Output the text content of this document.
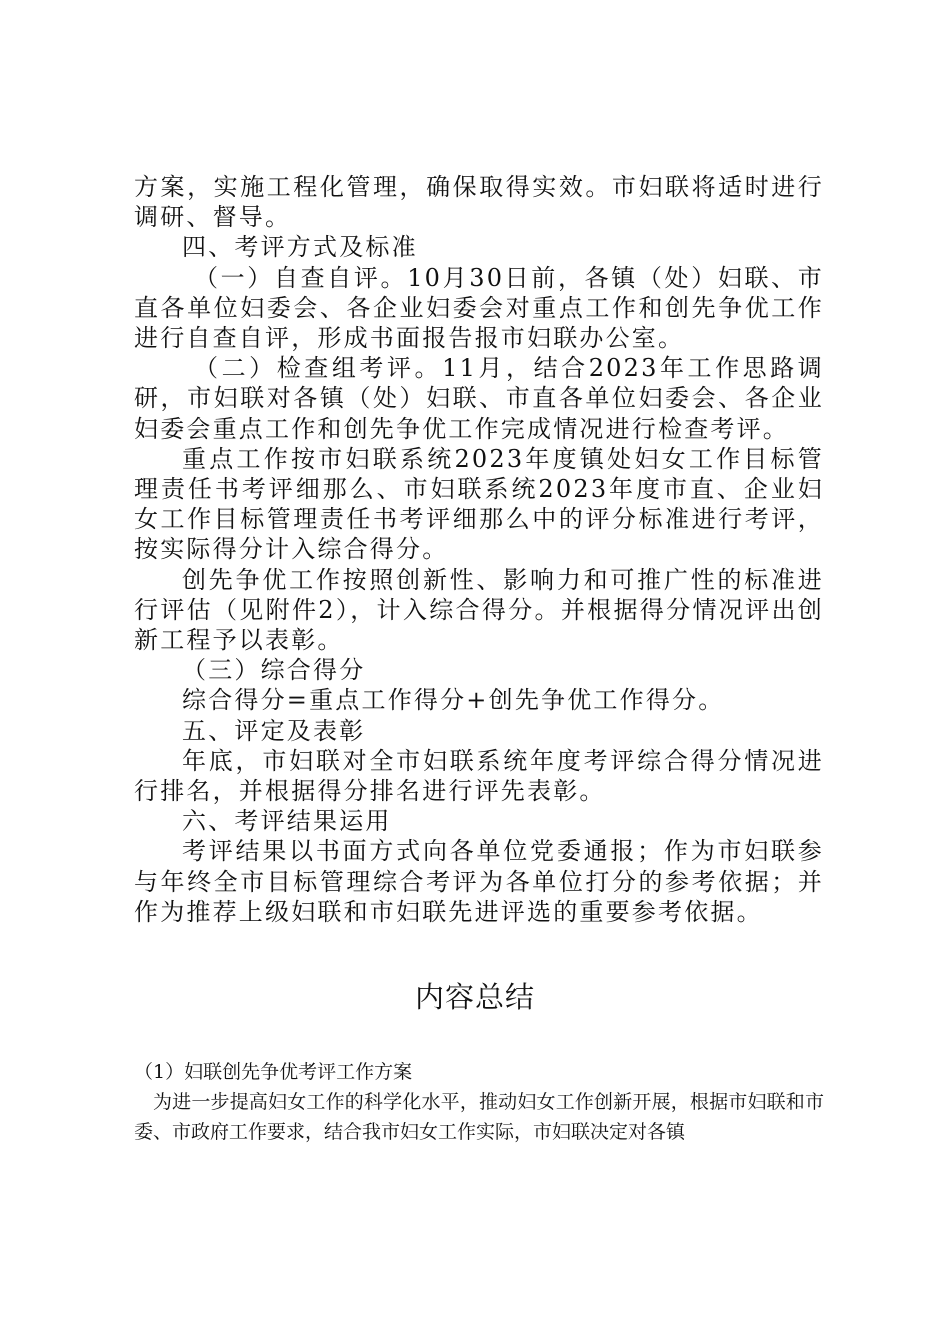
方案，实施工程化管理，确保取得实效。市妇联将适时进行调研、督导。

四、考评方式及标准

（一）自查自评。10月30日前，各镇（处）妇联、市直各单位妇委会、各企业妇委会对重点工作和创先争优工作进行自查自评，形成书面报告报市妇联办公室。

（二）检查组考评。11月，结合2023年工作思路调研，市妇联对各镇（处）妇联、市直各单位妇委会、各企业妇委会重点工作和创先争优工作完成情况进行检查考评。

重点工作按市妇联系统2023年度镇处妇女工作目标管理责任书考评细那么、市妇联系统2023年度市直、企业妇女工作目标管理责任书考评细那么中的评分标准进行考评，按实际得分计入综合得分。

创先争优工作按照创新性、影响力和可推广性的标准进行评估（见附件2），计入综合得分。并根据得分情况评出创新工程予以表彰。

（三）综合得分

综合得分=重点工作得分+创先争优工作得分。

五、评定及表彰

年底，市妇联对全市妇联系统年度考评综合得分情况进行排名，并根据得分排名进行评先表彰。

六、考评结果运用

考评结果以书面方式向各单位党委通报；作为市妇联参与年终全市目标管理综合考评为各单位打分的参考依据；并作为推荐上级妇联和市妇联先进评选的重要参考依据。

内容总结

（1）妇联创先争优考评工作方案

为进一步提高妇女工作的科学化水平，推动妇女工作创新开展，根据市妇联和市委、市政府工作要求，结合我市妇女工作实际，市妇联决定对各镇
